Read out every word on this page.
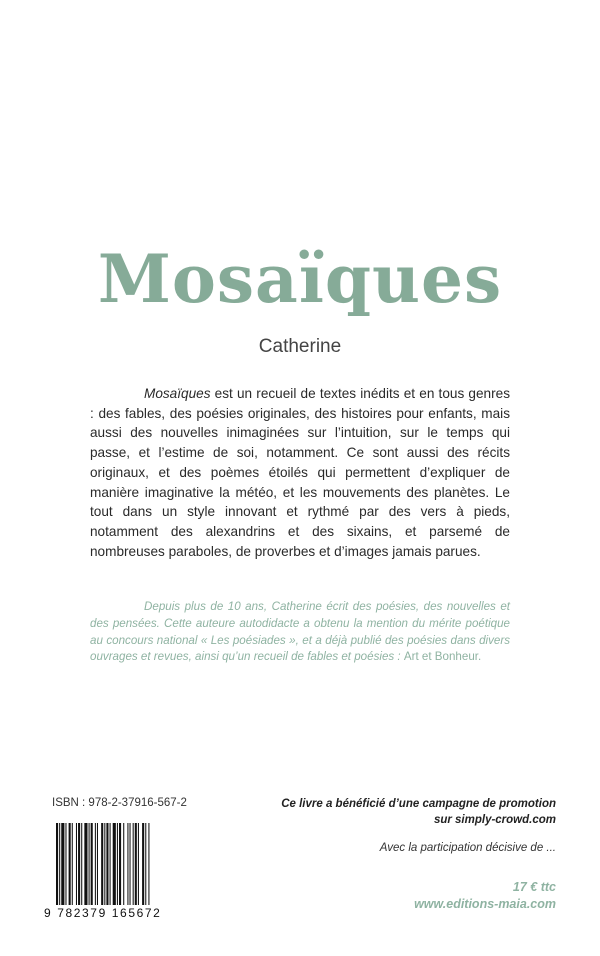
Mosaïques
Catherine

Mosaïques est un recueil de textes inédits et en tous genres : des fables, des poésies originales, des histoires pour enfants, mais aussi des nouvelles inimaginées sur l’intuition, sur le temps qui passe, et l’estime de soi, notamment. Ce sont aussi des récits originaux, et des poèmes étoilés qui permettent d’expliquer de manière imaginative la météo, et les mouvements des planètes. Le tout dans un style innovant et rythmé par des vers à pieds, notamment des alexandrins et des sixains, et parsemé de nombreuses paraboles, de proverbes et d’images jamais parues.

Depuis plus de 10 ans, Catherine écrit des poésies, des nouvelles et des pensées. Cette auteure autodidacte a obtenu la mention du mérite poétique au concours national « Les poésiades », et a déjà publié des poésies dans divers ouvrages et revues, ainsi qu’un recueil de fables et poésies : Art et Bonheur.

ISBN : 978-2-37916-567-2
9 782379 165672
Ce livre a bénéficié d’une campagne de promotion
sur simply-crowd.com
Avec la participation décisive de ...
17 € ttc
www.editions-maia.com
